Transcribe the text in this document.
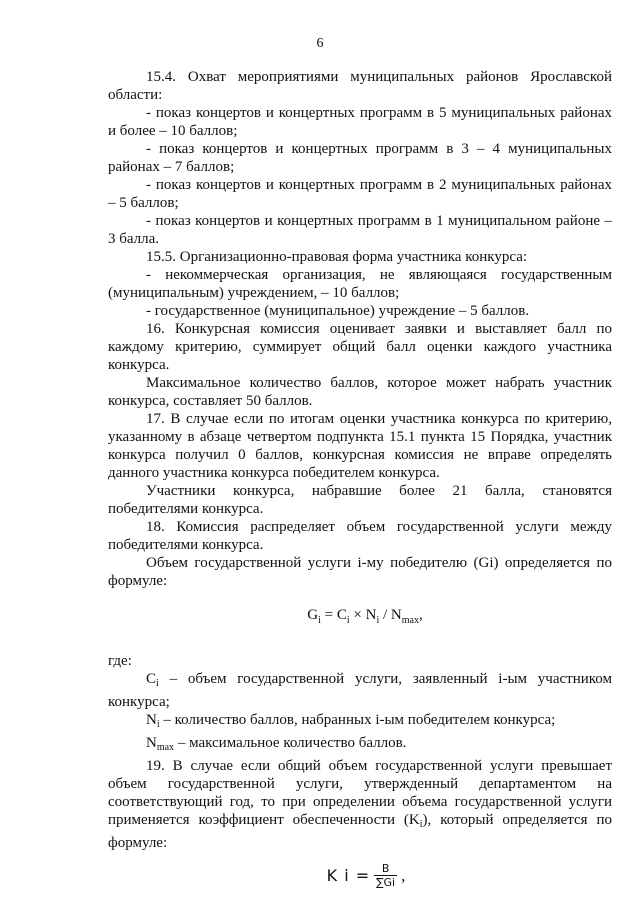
6

15.4. Охват мероприятиями муниципальных районов Ярославской области:

- показ концертов и концертных программ в 5 муниципальных районах и более – 10 баллов;

- показ концертов и концертных программ в 3 – 4 муниципальных районах – 7 баллов;

- показ концертов и концертных программ в 2 муниципальных районах – 5 баллов;

- показ концертов и концертных программ в 1 муниципальном районе – 3 балла.

15.5. Организационно-правовая форма участника конкурса:

- некоммерческая организация, не являющаяся государственным (муниципальным) учреждением, – 10 баллов;

- государственное (муниципальное) учреждение – 5 баллов.

16. Конкурсная комиссия оценивает заявки и выставляет балл по каждому критерию, суммирует общий балл оценки каждого участника конкурса.

Максимальное количество баллов, которое может набрать участник конкурса, составляет 50 баллов.

17. В случае если по итогам оценки участника конкурса по критерию, указанному в абзаце четвертом подпункта 15.1 пункта 15 Порядка, участник конкурса получил 0 баллов, конкурсная комиссия не вправе определять данного участника конкурса победителем конкурса.

Участники конкурса, набравшие более 21 балла, становятся победителями конкурса.

18. Комиссия распределяет объем государственной услуги между победителями конкурса.

Объем государственной услуги i-му победителю (Gi) определяется по формуле:

$G_i = C_i \times N_i / N_{max}$,

где:

$C_i$ – объем государственной услуги, заявленный i-ым участником конкурса;

$N_i$ – количество баллов, набранных i-ым победителем конкурса;

$N_{max}$ – максимальное количество баллов.

19. В случае если общий объем государственной услуги превышает объем государственной услуги, утвержденный департаментом на соответствующий год, то при определении объема государственной услуги применяется коэффициент обеспеченности $(K_i)$, который определяется по формуле:

K $i = \frac{B}{\sum Gi}$ ,
